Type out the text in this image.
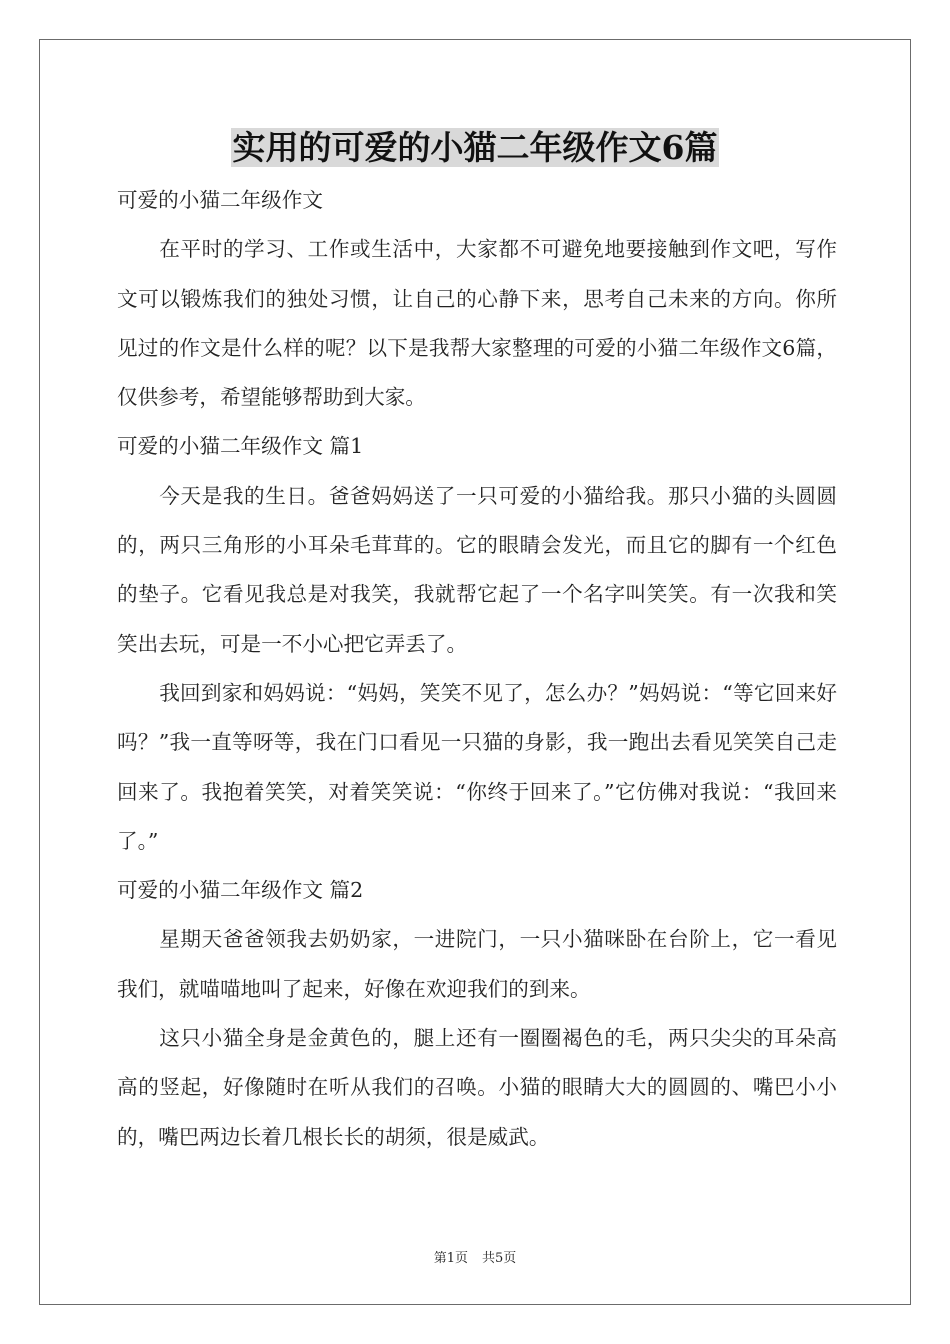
实用的可爱的小猫二年级作文6篇

可爱的小猫二年级作文

在平时的学习、工作或生活中，大家都不可避免地要接触到作文吧，写作文可以锻炼我们的独处习惯，让自己的心静下来，思考自己未来的方向。你所见过的作文是什么样的呢？以下是我帮大家整理的可爱的小猫二年级作文6篇，仅供参考，希望能够帮助到大家。

可爱的小猫二年级作文 篇1

今天是我的生日。爸爸妈妈送了一只可爱的小猫给我。那只小猫的头圆圆的，两只三角形的小耳朵毛茸茸的。它的眼睛会发光，而且它的脚有一个红色的垫子。它看见我总是对我笑，我就帮它起了一个名字叫笑笑。有一次我和笑笑出去玩，可是一不小心把它弄丢了。

我回到家和妈妈说：“妈妈，笑笑不见了，怎么办？”妈妈说：“等它回来好吗？”我一直等呀等，我在门口看见一只猫的身影，我一跑出去看见笑笑自己走回来了。我抱着笑笑，对着笑笑说：“你终于回来了。”它仿佛对我说：“我回来了。”

可爱的小猫二年级作文 篇2

星期天爸爸领我去奶奶家，一进院门，一只小猫咪卧在台阶上，它一看见我们，就喵喵地叫了起来，好像在欢迎我们的到来。

这只小猫全身是金黄色的，腿上还有一圈圈褐色的毛，两只尖尖的耳朵高高的竖起，好像随时在听从我们的召唤。小猫的眼睛大大的圆圆的、嘴巴小小的，嘴巴两边长着几根长长的胡须，很是威武。

第1页 共5页
